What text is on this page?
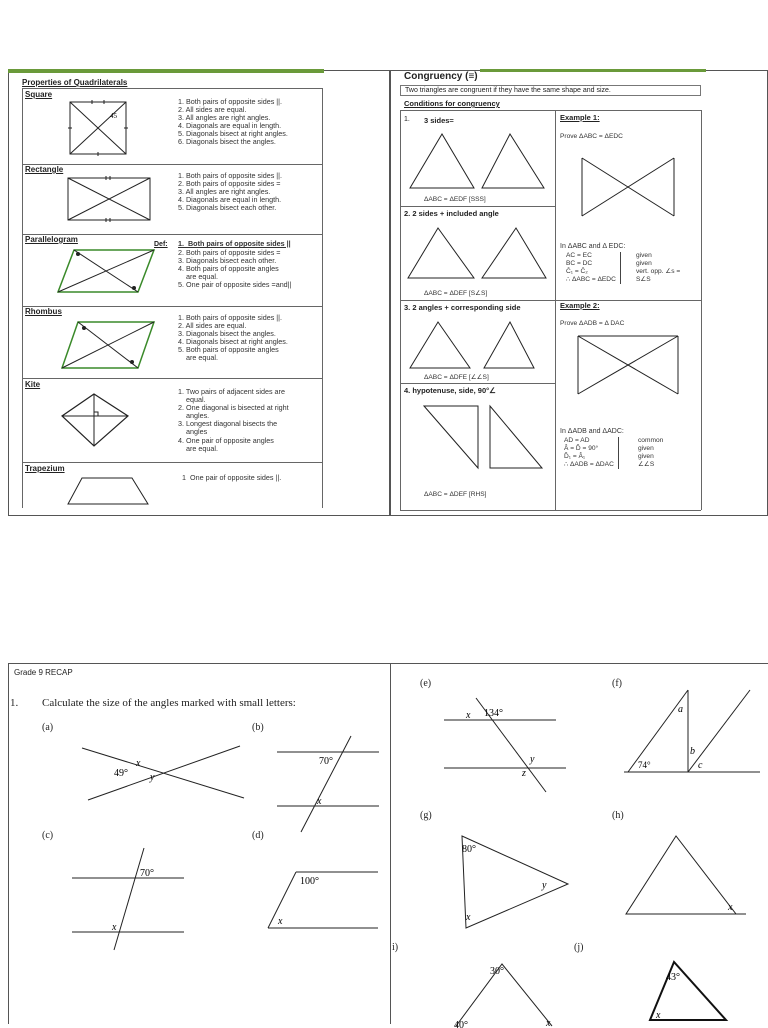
Properties of Quadrilaterals
Square
45
1. Both pairs of opposite sides ||.
2. All sides are equal.
3. All angles are right angles.
4. Diagonals are equal in length.
5. Diagonals bisect at right angles.
6. Diagonals bisect the angles.
Rectangle
1. Both pairs of opposite sides ||.
2. Both pairs of opposite sides =
3. All angles are right angles.
4. Diagonals are equal in length.
5. Diagonals bisect each other.
Parallelogram
Def: 1.  Both pairs of opposite sides ||
2. Both pairs of opposite sides =
3. Diagonals bisect each other.
4. Both pairs of opposite angles
are equal.
5. One pair of opposite sides =and||
Rhombus
1. Both pairs of opposite sides ||.
2. All sides are equal.
3. Diagonals bisect the angles.
4. Diagonals bisect at right angles.
5. Both pairs of opposite angles
are equal.
Kite
1. Two pairs of adjacent sides are
equal.
2. One diagonal is bisected at right
angles.
3. Longest diagonal bisects the
angles
4. One pair of opposite angles
are equal.
Trapezium
1  One pair of opposite sides ||.
Congruency (≡)
Two triangles are congruent if they have the same shape and size.
Conditions for congruency
1. 3 sides=
ΔABC = ΔEDF [SSS]
2. 2 sides + included angle
ΔABC = ΔDEF [S∠S]
3. 2 angles + corresponding side
ΔABC = ΔDFE [∠∠S]
4. hypotenuse, side, 90°∠
ΔABC = ΔDEF [RHS]
Example 1:
Prove ΔABC = ΔEDC
In ΔABC and Δ EDC:
AC = EC
BC = DC
Ĉ₁ = Ĉ₂
∴ ΔABC = ΔEDC
given
given
vert. opp. ∠s =
S∠S
Example 2:
Prove ΔADB = Δ DAC
In ΔADB and ΔADC:
AD = AD
Â = D̂ = 90°
D̂₁ = Â₁
∴ ΔADB = ΔDAC
common
given
given
∠∠S
Grade 9 RECAP
1. Calculate the size of the angles marked with small letters:
(a)
49°
x
y
(b)
70°
x
(c)
70°
x
(d)
100°
x
(e)
134°
x
y
z
(f)
74°
a
b
c
(g)
80°
y
x
(h)
x
i)
30°
40°	x
(j)
43°
x
